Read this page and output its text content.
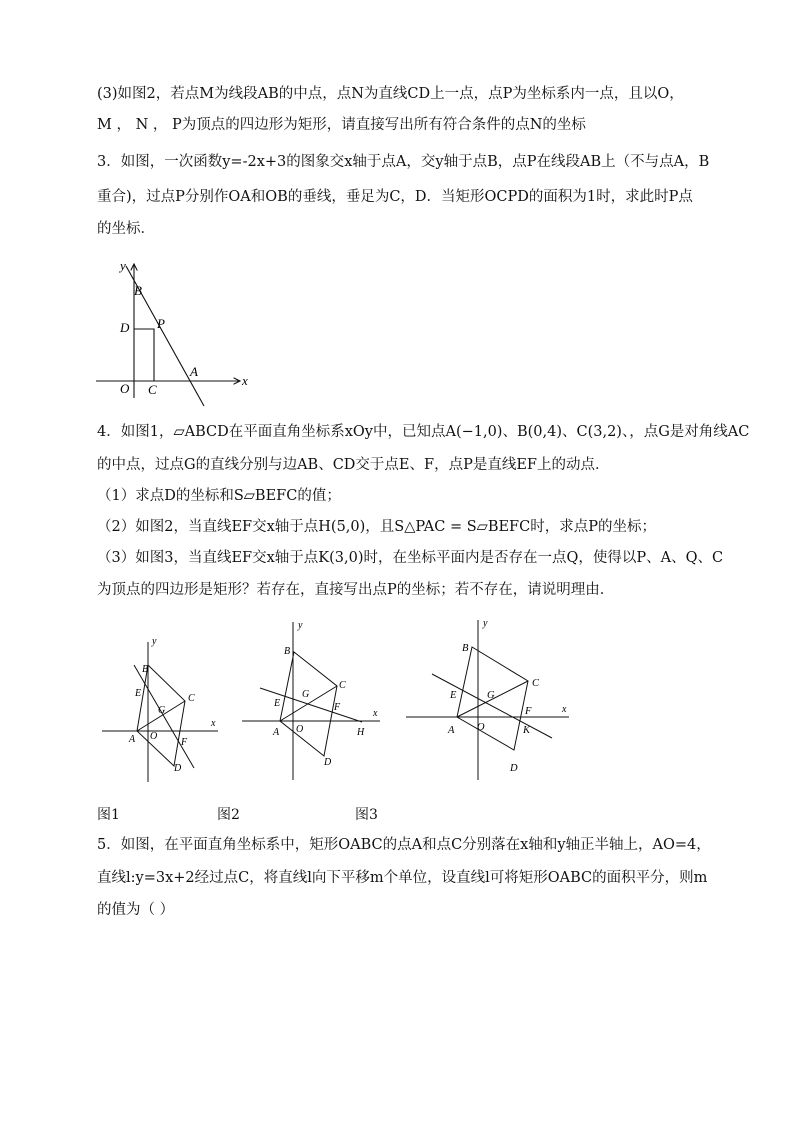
(3)如图2，若点M为线段AB的中点，点N为直线CD上一点，点P为坐标系内一点，且以O，
M ， N ， P为顶点的四边形为矩形，请直接写出所有符合条件的点N的坐标
3．如图，一次函数y=-2x+3的图象交x轴于点A，交y轴于点B，点P在线段AB上（不与点A，B
重合)，过点P分别作OA和OB的垂线，垂足为C，D．当矩形OCPD的面积为1时，求此时P点
的坐标．
y
x
B
D P
A
O C
4．如图1，▱ABCD在平面直角坐标系xOy中，已知点A(−1,0)、B(0,4)、C(3,2)、，点G是对角线AC
的中点，过点G的直线分别与边AB、CD交于点E、F，点P是直线EF上的动点．
（1）求点D的坐标和S▱BEFC的值；
（2）如图2，当直线EF交x轴于点H(5,0)，且S△PAC = S▱BEFC时，求点P的坐标；
（3）如图3，当直线EF交x轴于点K(3,0)时，在坐标平面内是否存在一点Q，使得以P、A、Q、C
为顶点的四边形是矩形？若存在，直接写出点P的坐标；若不存在，请说明理由．
x
y
B
E
G
C
A O
F
D
x
y
B
E
G
C
F
A O	H
D
x
y
B
E	G
C
F
A O	K
D
图1	图2	图3
5．如图，在平面直角坐标系中，矩形OABC的点A和点C分别落在x轴和y轴正半轴上，AO=4，
直线l:y=3x+2经过点C，将直线l向下平移m个单位，设直线l可将矩形OABC的面积平分，则m
的值为（ ）
